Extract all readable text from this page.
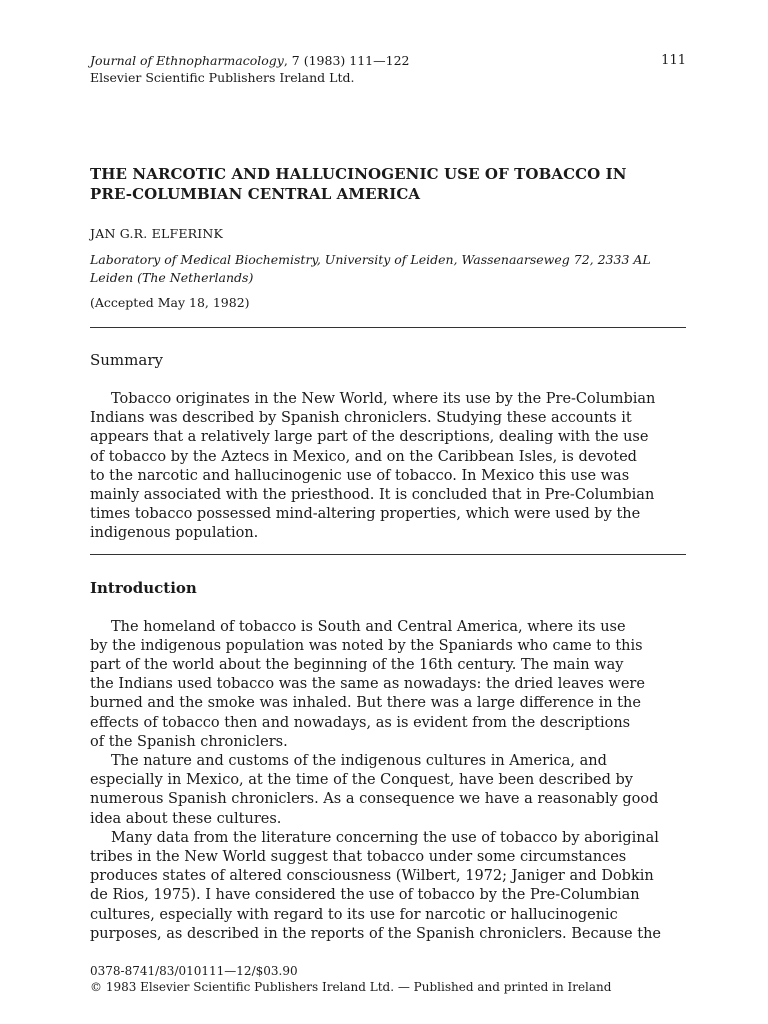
Journal of Ethnopharmacology, 7 (1983) 111—122
Elsevier Scientific Publishers Ireland Ltd.
111
THE NARCOTIC AND HALLUCINOGENIC USE OF TOBACCO IN
PRE-COLUMBIAN CENTRAL AMERICA
JAN G.R. ELFERINK
Laboratory of Medical Biochemistry, University of Leiden, Wassenaarseweg 72, 2333 AL
Leiden (The Netherlands)
(Accepted May 18, 1982)
Summary
Tobacco originates in the New World, where its use by the Pre-Columbian
Indians was described by Spanish chroniclers. Studying these accounts it
appears that a relatively large part of the descriptions, dealing with the use
of tobacco by the Aztecs in Mexico, and on the Caribbean Isles, is devoted
to the narcotic and hallucinogenic use of tobacco. In Mexico this use was
mainly associated with the priesthood. It is concluded that in Pre-Columbian
times tobacco possessed mind-altering properties, which were used by the
indigenous population.
Introduction
The homeland of tobacco is South and Central America, where its use
by the indigenous population was noted by the Spaniards who came to this
part of the world about the beginning of the 16th century. The main way
the Indians used tobacco was the same as nowadays: the dried leaves were
burned and the smoke was inhaled. But there was a large difference in the
effects of tobacco then and nowadays, as is evident from the descriptions
of the Spanish chroniclers.
The nature and customs of the indigenous cultures in America, and
especially in Mexico, at the time of the Conquest, have been described by
numerous Spanish chroniclers. As a consequence we have a reasonably good
idea about these cultures.
Many data from the literature concerning the use of tobacco by aboriginal
tribes in the New World suggest that tobacco under some circumstances
produces states of altered consciousness (Wilbert, 1972; Janiger and Dobkin
de Rios, 1975). I have considered the use of tobacco by the Pre-Columbian
cultures, especially with regard to its use for narcotic or hallucinogenic
purposes, as described in the reports of the Spanish chroniclers. Because the
0378-8741/83/010111—12/$03.90
© 1983 Elsevier Scientific Publishers Ireland Ltd. — Published and printed in Ireland
